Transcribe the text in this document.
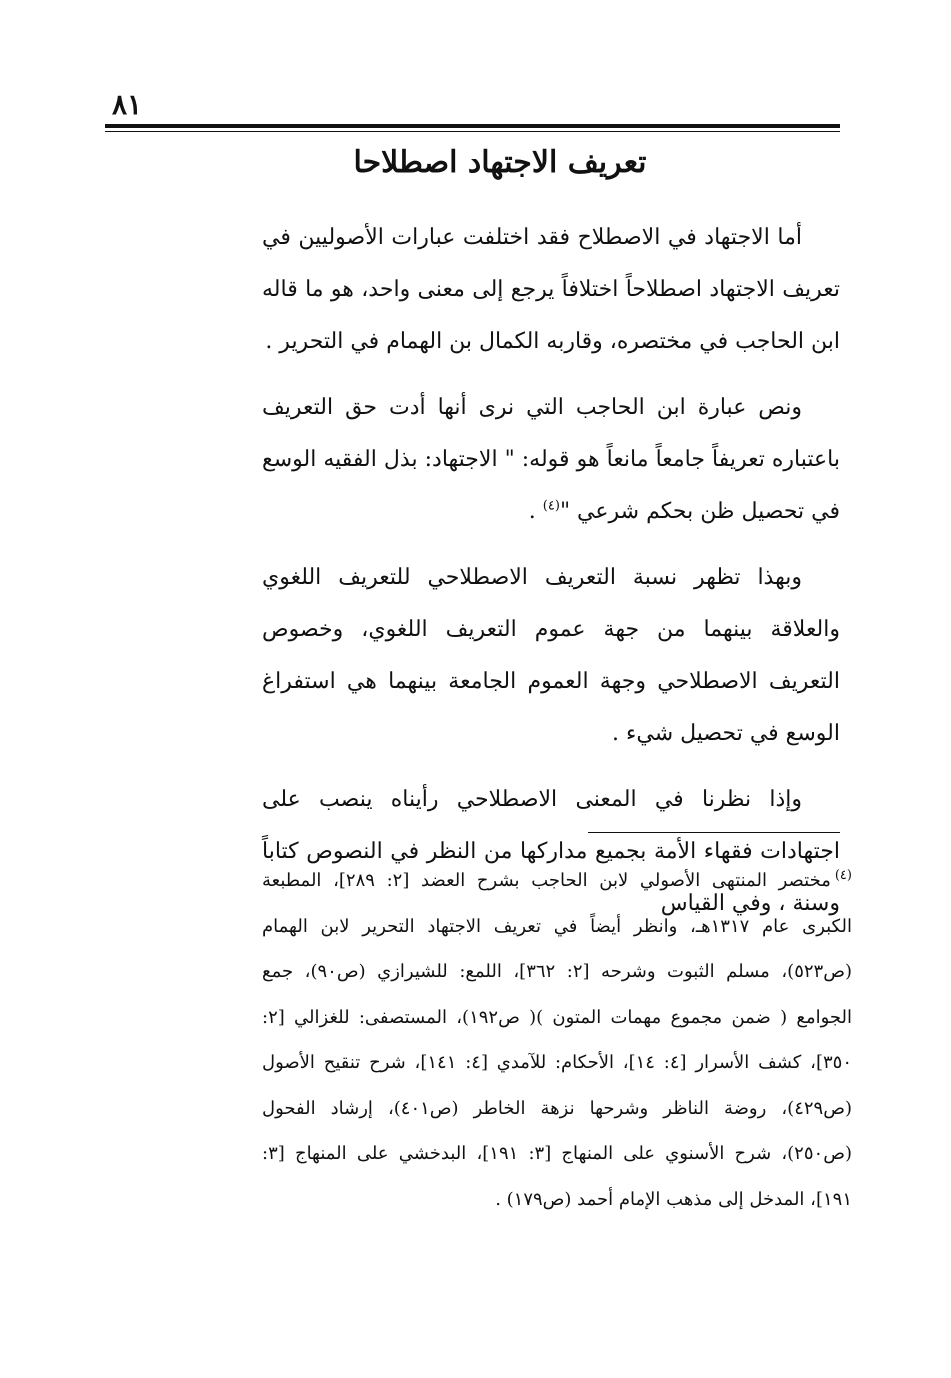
٨١
تعريف الاجتهاد اصطلاحا

أما الاجتهاد في الاصطلاح فقد اختلفت عبارات الأصوليين في تعريف الاجتهاد اصطلاحاً اختلافاً يرجع إلى معنى واحد، هو ما قاله ابن الحاجب في مختصره، وقاربه الكمال بن الهمام في التحرير .

ونص عبارة ابن الحاجب التي نرى أنها أدت حق التعريف باعتباره تعريفاً جامعاً مانعاً هو قوله: " الاجتهاد: بذل الفقيه الوسع في تحصيل ظن بحكم شرعي "$^{(٤)}$ .

وبهذا تظهر نسبة التعريف الاصطلاحي للتعريف اللغوي والعلاقة بينهما من جهة عموم التعريف اللغوي، وخصوص التعريف الاصطلاحي وجهة العموم الجامعة بينهما هي استفراغ الوسع في تحصيل شيء .

وإذا نظرنا في المعنى الاصطلاحي رأيناه ينصب على اجتهادات فقهاء الأمة بجميع مداركها من النظر في النصوص كتاباً وسنة ، وفي القياس

$^{(٤)}$مختصر المنتهى الأصولي لابن الحاجب بشرح العضد [٢: ٢٨٩]، المطبعة الكبرى عام ١٣١٧هـ، وانظر أيضاً في تعريف الاجتهاد التحرير لابن الهمام (ص٥٢٣)، مسلم الثبوت وشرحه [٢: ٣٦٢]، اللمع: للشيرازي (ص٩٠)، جمع الجوامع ( ضمن مجموع مهمات المتون )( ص١٩٢)، المستصفى: للغزالي [٢: ٣٥٠]، كشف الأسرار [٤: ١٤]، الأحكام: للآمدي [٤: ١٤١]، شرح تنقيح الأصول (ص٤٢٩)، روضة الناظر وشرحها نزهة الخاطر (ص٤٠١)، إرشاد الفحول (ص٢٥٠)، شرح الأسنوي على المنهاج [٣: ١٩١]، البدخشي على المنهاج [٣: ١٩١]، المدخل إلى مذهب الإمام أحمد (ص١٧٩) .
